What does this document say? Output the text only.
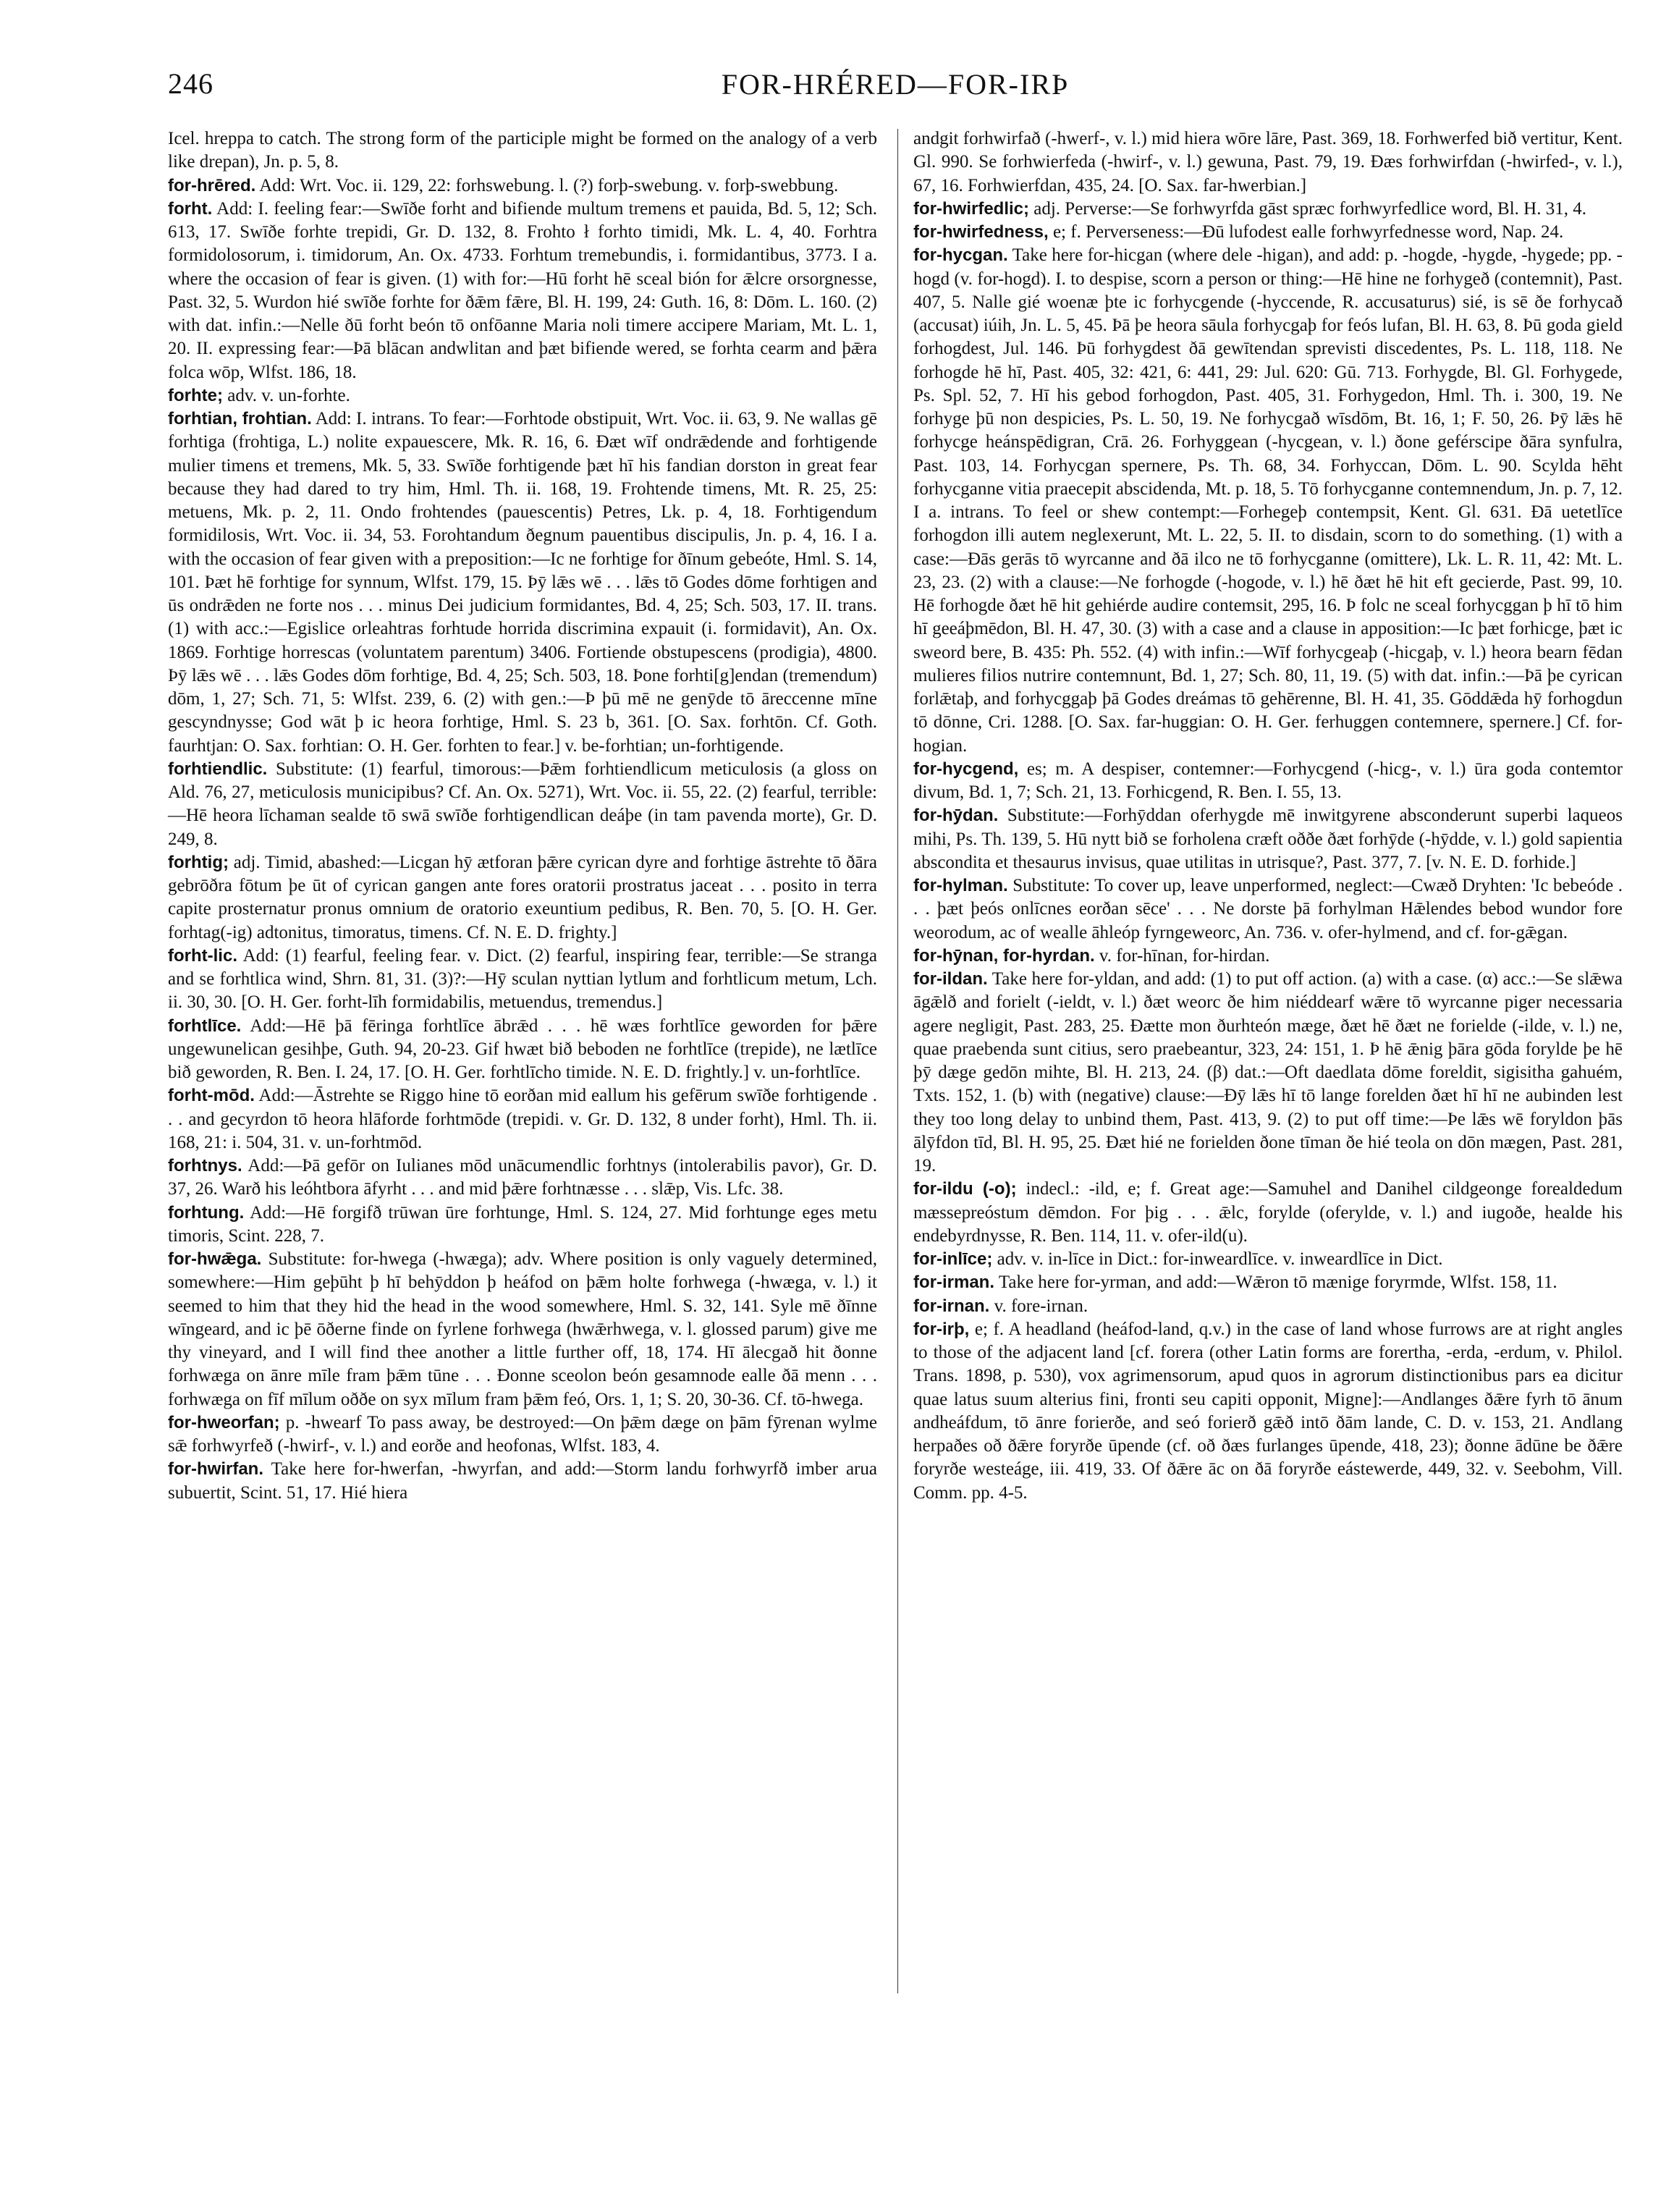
246	FOR-HRÉRED—FOR-IRÞ

Icel. hreppa to catch. The strong form of the participle might be formed on the analogy of a verb like drepan), Jn. p. 5, 8.

for-hrēred. Add: Wrt. Voc. ii. 129, 22: forhswebung. l. (?) forþ-swebung. v. forþ-swebbung.

forht. Add: I. feeling fear:—Swīðe forht and bifiende multum tremens et pauida, Bd. 5, 12; Sch. 613, 17. Swīðe forhte trepidi, Gr. D. 132, 8. Frohto ł forhto timidi, Mk. L. 4, 40. Forhtra formidolosorum, i. timidorum, An. Ox. 4733. Forhtum tremebundis, i. formidantibus, 3773. I a. where the occasion of fear is given. (1) with for:—Hū forht hē sceal bión for ǣlcre orsorgnesse, Past. 32, 5. Wurdon hié swīðe forhte for ðǣm fǣre, Bl. H. 199, 24: Guth. 16, 8: Dōm. L. 160. (2) with dat. infin.:—Nelle ðū forht beón tō onfōanne Maria noli timere accipere Mariam, Mt. L. 1, 20. II. expressing fear:—Þā blācan andwlitan and þæt bifiende wered, se forhta cearm and þǣra folca wōp, Wlfst. 186, 18.

forhte; adv. v. un-forhte.

forhtian, frohtian. Add: I. intrans. To fear:—Forhtode obstipuit, Wrt. Voc. ii. 63, 9. Ne wallas gē forhtiga (frohtiga, L.) nolite expauescere, Mk. R. 16, 6. Ðæt wīf ondrǣdende and forhtigende mulier timens et tremens, Mk. 5, 33. Swīðe forhtigende þæt hī his fandian dorston in great fear because they had dared to try him, Hml. Th. ii. 168, 19. Frohtende timens, Mt. R. 25, 25: metuens, Mk. p. 2, 11. Ondo frohtendes (pauescentis) Petres, Lk. p. 4, 18. Forhtigendum formidilosis, Wrt. Voc. ii. 34, 53. Forohtandum ðegnum pauentibus discipulis, Jn. p. 4, 16. I a. with the occasion of fear given with a preposition:—Ic ne forhtige for ðīnum gebeóte, Hml. S. 14, 101. Þæt hē forhtige for synnum, Wlfst. 179, 15. Þȳ lǣs wē . . . lǣs tō Godes dōme forhtigen and ūs ondrǣden ne forte nos . . . minus Dei judicium formidantes, Bd. 4, 25; Sch. 503, 17. II. trans. (1) with acc.:—Egislice orleahtras forhtude horrida discrimina expauit (i. formidavit), An. Ox. 1869. Forhtige horrescas (voluntatem parentum) 3406. Fortiende obstupescens (prodigia), 4800. Þȳ lǣs wē . . . lǣs Godes dōm forhtige, Bd. 4, 25; Sch. 503, 18. Þone forhti[g]endan (tremendum) dōm, 1, 27; Sch. 71, 5: Wlfst. 239, 6. (2) with gen.:—Þ þū mē ne genȳde tō āreccenne mīne gescyndnysse; God wāt þ ic heora forhtige, Hml. S. 23 b, 361. [O. Sax. forhtōn. Cf. Goth. faurhtjan: O. Sax. forhtian: O. H. Ger. forhten to fear.] v. be-forhtian; un-forhtigende.

forhtiendlic. Substitute: (1) fearful, timorous:—Þǣm forhtiendlicum meticulosis (a gloss on Ald. 76, 27, meticulosis municipibus? Cf. An. Ox. 5271), Wrt. Voc. ii. 55, 22. (2) fearful, terrible:—Hē heora līchaman sealde tō swā swīðe forhtigendlican deáþe (in tam pavenda morte), Gr. D. 249, 8.

forhtig; adj. Timid, abashed:—Licgan hȳ ætforan þǣre cyrican dyre and forhtige āstrehte tō ðāra gebrōðra fōtum þe ūt of cyrican gangen ante fores oratorii prostratus jaceat . . . posito in terra capite prosternatur pronus omnium de oratorio exeuntium pedibus, R. Ben. 70, 5. [O. H. Ger. forhtag(-ig) adtonitus, timoratus, timens. Cf. N. E. D. frighty.]

forht-lic. Add: (1) fearful, feeling fear. v. Dict. (2) fearful, inspiring fear, terrible:—Se stranga and se forhtlica wind, Shrn. 81, 31. (3)?:—Hȳ sculan nyttian lytlum and forhtlicum metum, Lch. ii. 30, 30. [O. H. Ger. forht-līh formidabilis, metuendus, tremendus.]

forhtlīce. Add:—Hē þā fēringa forhtlīce ābrǣd . . . hē wæs forhtlīce geworden for þǣre ungewunelican gesihþe, Guth. 94, 20-23. Gif hwæt bið beboden ne forhtlīce (trepide), ne lætlīce bið geworden, R. Ben. I. 24, 17. [O. H. Ger. forhtlīcho timide. N. E. D. frightly.] v. un-forhtlīce.

forht-mōd. Add:—Āstrehte se Riggo hine tō eorðan mid eallum his gefērum swīðe forhtigende . . . and gecyrdon tō heora hlāforde forhtmōde (trepidi. v. Gr. D. 132, 8 under forht), Hml. Th. ii. 168, 21: i. 504, 31. v. un-forhtmōd.

forhtnys. Add:—Þā gefōr on Iulianes mōd unācumendlic forhtnys (intolerabilis pavor), Gr. D. 37, 26. Warð his leóhtbora āfyrht . . . and mid þǣre forhtnæsse . . . slǣp, Vis. Lfc. 38.

forhtung. Add:—Hē forgifð trūwan ūre forhtunge, Hml. S. 124, 27. Mid forhtunge eges metu timoris, Scint. 228, 7.

for-hwǣga. Substitute: for-hwega (-hwæga); adv. Where position is only vaguely determined, somewhere:—Him geþūht þ hī behȳddon þ heáfod on þǣm holte forhwega (-hwæga, v. l.) it seemed to him that they hid the head in the wood somewhere, Hml. S. 32, 141. Syle mē ðīnne wīngeard, and ic þē ōðerne finde on fyrlene forhwega (hwǣrhwega, v. l. glossed parum) give me thy vineyard, and I will find thee another a little further off, 18, 174. Hī ālecgað hit ðonne forhwæga on ānre mīle fram þǣm tūne . . . Ðonne sceolon beón gesamnode ealle ðā menn . . . forhwæga on fīf mīlum oððe on syx mīlum fram þǣm feó, Ors. 1, 1; S. 20, 30-36. Cf. tō-hwega.

for-hweorfan; p. -hwearf To pass away, be destroyed:—On þǣm dæge on þām fȳrenan wylme sǣ forhwyrfeð (-hwirf-, v. l.) and eorðe and heofonas, Wlfst. 183, 4.

for-hwirfan. Take here for-hwerfan, -hwyrfan, and add:—Storm landu forhwyrfð imber arua subuertit, Scint. 51, 17. Hié hiera

andgit forhwirfað (-hwerf-, v. l.) mid hiera wōre lāre, Past. 369, 18. Forhwerfed bið vertitur, Kent. Gl. 990. Se forhwierfeda (-hwirf-, v. l.) gewuna, Past. 79, 19. Ðæs forhwirfdan (-hwirfed-, v. l.), 67, 16. Forhwierfdan, 435, 24. [O. Sax. far-hwerbian.]

for-hwirfedlic; adj. Perverse:—Se forhwyrfda gāst spræc forhwyrfedlice word, Bl. H. 31, 4.

for-hwirfedness, e; f. Perverseness:—Ðū lufodest ealle forhwyrfednesse word, Nap. 24.

for-hycgan. Take here for-hicgan (where dele -higan), and add: p. -hogde, -hygde, -hygede; pp. -hogd (v. for-hogd). I. to despise, scorn a person or thing:—Hē hine ne forhygeð (contemnit), Past. 407, 5. Nalle gié woenæ þte ic forhycgende (-hyccende, R. accusaturus) sié, is sē ðe forhycað (accusat) iúih, Jn. L. 5, 45. Þā þe heora sāula forhycgaþ for feós lufan, Bl. H. 63, 8. Þū goda gield forhogdest, Jul. 146. Þū forhygdest ðā gewītendan sprevisti discedentes, Ps. L. 118, 118. Ne forhogde hē hī, Past. 405, 32: 421, 6: 441, 29: Jul. 620: Gū. 713. Forhygde, Bl. Gl. Forhygede, Ps. Spl. 52, 7. Hī his gebod forhogdon, Past. 405, 31. Forhygedon, Hml. Th. i. 300, 19. Ne forhyge þū non despicies, Ps. L. 50, 19. Ne forhycgað wīsdōm, Bt. 16, 1; F. 50, 26. Þȳ lǣs hē forhycge heánspēdigran, Crā. 26. Forhyggean (-hycgean, v. l.) ðone geférscipe ðāra synfulra, Past. 103, 14. Forhycgan spernere, Ps. Th. 68, 34. Forhyccan, Dōm. L. 90. Scylda hēht forhycganne vitia praecepit abscidenda, Mt. p. 18, 5. Tō forhycganne contemnendum, Jn. p. 7, 12. I a. intrans. To feel or shew contempt:—Forhegeþ contempsit, Kent. Gl. 631. Ðā uetetlīce forhogdon illi autem neglexerunt, Mt. L. 22, 5. II. to disdain, scorn to do something. (1) with a case:—Ðās gerās tō wyrcanne and ðā ilco ne tō forhycganne (omittere), Lk. L. R. 11, 42: Mt. L. 23, 23. (2) with a clause:—Ne forhogde (-hogode, v. l.) hē ðæt hē hit eft gecierde, Past. 99, 10. Hē forhogde ðæt hē hit gehiérde audire contemsit, 295, 16. Þ folc ne sceal forhycggan þ hī tō him hī geeáþmēdon, Bl. H. 47, 30. (3) with a case and a clause in apposition:—Ic þæt forhicge, þæt ic sweord bere, B. 435: Ph. 552. (4) with infin.:—Wīf forhycgeaþ (-hicgaþ, v. l.) heora bearn fēdan mulieres filios nutrire contemnunt, Bd. 1, 27; Sch. 80, 11, 19. (5) with dat. infin.:—Þā þe cyrican forlǣtaþ, and forhycggaþ þā Godes dreámas tō gehērenne, Bl. H. 41, 35. Gōddǣda hȳ forhogdun tō dōnne, Cri. 1288. [O. Sax. far-huggian: O. H. Ger. ferhuggen contemnere, spernere.] Cf. for-hogian.

for-hycgend, es; m. A despiser, contemner:—Forhycgend (-hicg-, v. l.) ūra goda contemtor divum, Bd. 1, 7; Sch. 21, 13. Forhicgend, R. Ben. I. 55, 13.

for-hȳdan. Substitute:—Forhȳddan oferhygde mē inwitgyrene absconderunt superbi laqueos mihi, Ps. Th. 139, 5. Hū nytt bið se forholena cræft oððe ðæt forhȳde (-hȳdde, v. l.) gold sapientia abscondita et thesaurus invisus, quae utilitas in utrisque?, Past. 377, 7. [v. N. E. D. forhide.]

for-hylman. Substitute: To cover up, leave unperformed, neglect:—Cwæð Dryhten: 'Ic bebeóde . . . þæt þeós onlīcnes eorðan sēce' . . . Ne dorste þā forhylman Hǣlendes bebod wundor fore weorodum, ac of wealle āhleóp fyrngeweorc, An. 736. v. ofer-hylmend, and cf. for-gǣgan.

for-hȳnan, for-hyrdan. v. for-hīnan, for-hirdan.

for-ildan. Take here for-yldan, and add: (1) to put off action. (a) with a case. (α) acc.:—Se slǣwa āgǣlð and forielt (-ieldt, v. l.) ðæt weorc ðe him niéddearf wǣre tō wyrcanne piger necessaria agere negligit, Past. 283, 25. Ðætte mon ðurhteón mæge, ðæt hē ðæt ne forielde (-ilde, v. l.) ne, quae praebenda sunt citius, sero praebeantur, 323, 24: 151, 1. Þ hē ǣnig þāra gōda forylde þe hē þȳ dæge gedōn mihte, Bl. H. 213, 24. (β) dat.:—Oft daedlata dōme foreldit, sigisitha gahuém, Txts. 152, 1. (b) with (negative) clause:—Ðȳ lǣs hī tō lange forelden ðæt hī hī ne aubinden lest they too long delay to unbind them, Past. 413, 9. (2) to put off time:—Þe lǣs wē foryldon þās ālȳfdon tīd, Bl. H. 95, 25. Ðæt hié ne forielden ðone tīman ðe hié teola on dōn mægen, Past. 281, 19.

for-ildu (-o); indecl.: -ild, e; f. Great age:—Samuhel and Danihel cildgeonge forealdedum mæssepreóstum dēmdon. For þig . . . ǣlc, forylde (oferylde, v. l.) and iugoðe, healde his endebyrdnysse, R. Ben. 114, 11. v. ofer-ild(u).

for-inlīce; adv. v. in-līce in Dict.: for-inweardlīce. v. inweardlīce in Dict.

for-irman. Take here for-yrman, and add:—Wǣron tō mænige foryrmde, Wlfst. 158, 11.

for-irnan. v. fore-irnan.

for-irþ, e; f. A headland (heáfod-land, q.v.) in the case of land whose furrows are at right angles to those of the adjacent land [cf. forera (other Latin forms are forertha, -erda, -erdum, v. Philol. Trans. 1898, p. 530), vox agrimensorum, apud quos in agrorum distinctionibus pars ea dicitur quae latus suum alterius fini, fronti seu capiti opponit, Migne]:—Andlanges ðǣre fyrh tō ānum andheáfdum, tō ānre forierðe, and seó forierð gǣð intō ðām lande, C. D. v. 153, 21. Andlang herpaðes oð ðǣre foryrðe ūpende (cf. oð ðæs furlanges ūpende, 418, 23); ðonne ādūne be ðǣre foryrðe westeáge, iii. 419, 33. Of ðǣre āc on ðā foryrðe eástewerde, 449, 32. v. Seebohm, Vill. Comm. pp. 4-5.
